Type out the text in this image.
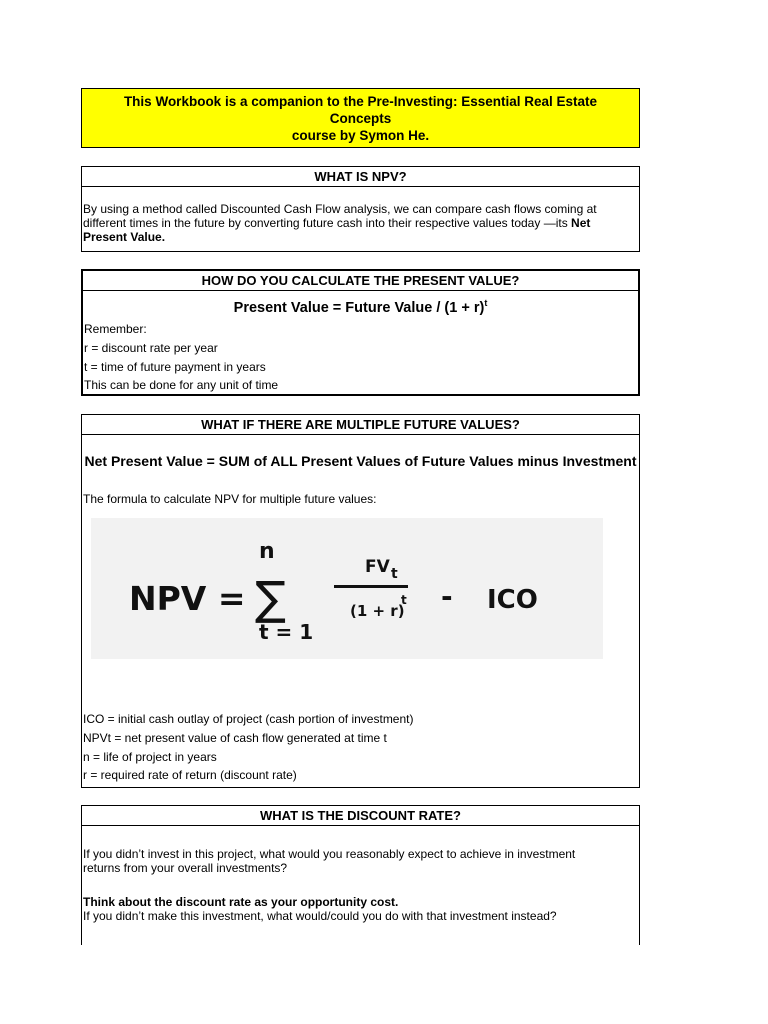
This Workbook is a companion to the Pre-Investing: Essential Real Estate Concepts
course by Symon He.
WHAT IS NPV?
By using a method called Discounted Cash Flow analysis, we can compare cash flows coming at
different times in the future by converting future cash into their respective values today —its Net
Present Value.
HOW DO YOU CALCULATE THE PRESENT VALUE?
Present Value = Future Value / $(1 + r)^t$
Remember:
r = discount rate per year
t = time of future payment in years
This can be done for any unit of time
WHAT IF THERE ARE MULTIPLE FUTURE VALUES?
Net Present Value = SUM of ALL Present Values of Future Values minus Investment
The formula to calculate NPV for multiple future values:
NPV =
n
∑
t = 1
FV t
(1 + r)
t - ICO
ICO = initial cash outlay of project (cash portion of investment)
NPVt = net present value of cash flow generated at time t
n = life of project in years
r = required rate of return (discount rate)
WHAT IS THE DISCOUNT RATE?
If you didn’t invest in this project, what would you reasonably expect to achieve in investment
returns from your overall investments?
Think about the discount rate as your opportunity cost.
If you didn’t make this investment, what would/could you do with that investment instead?
